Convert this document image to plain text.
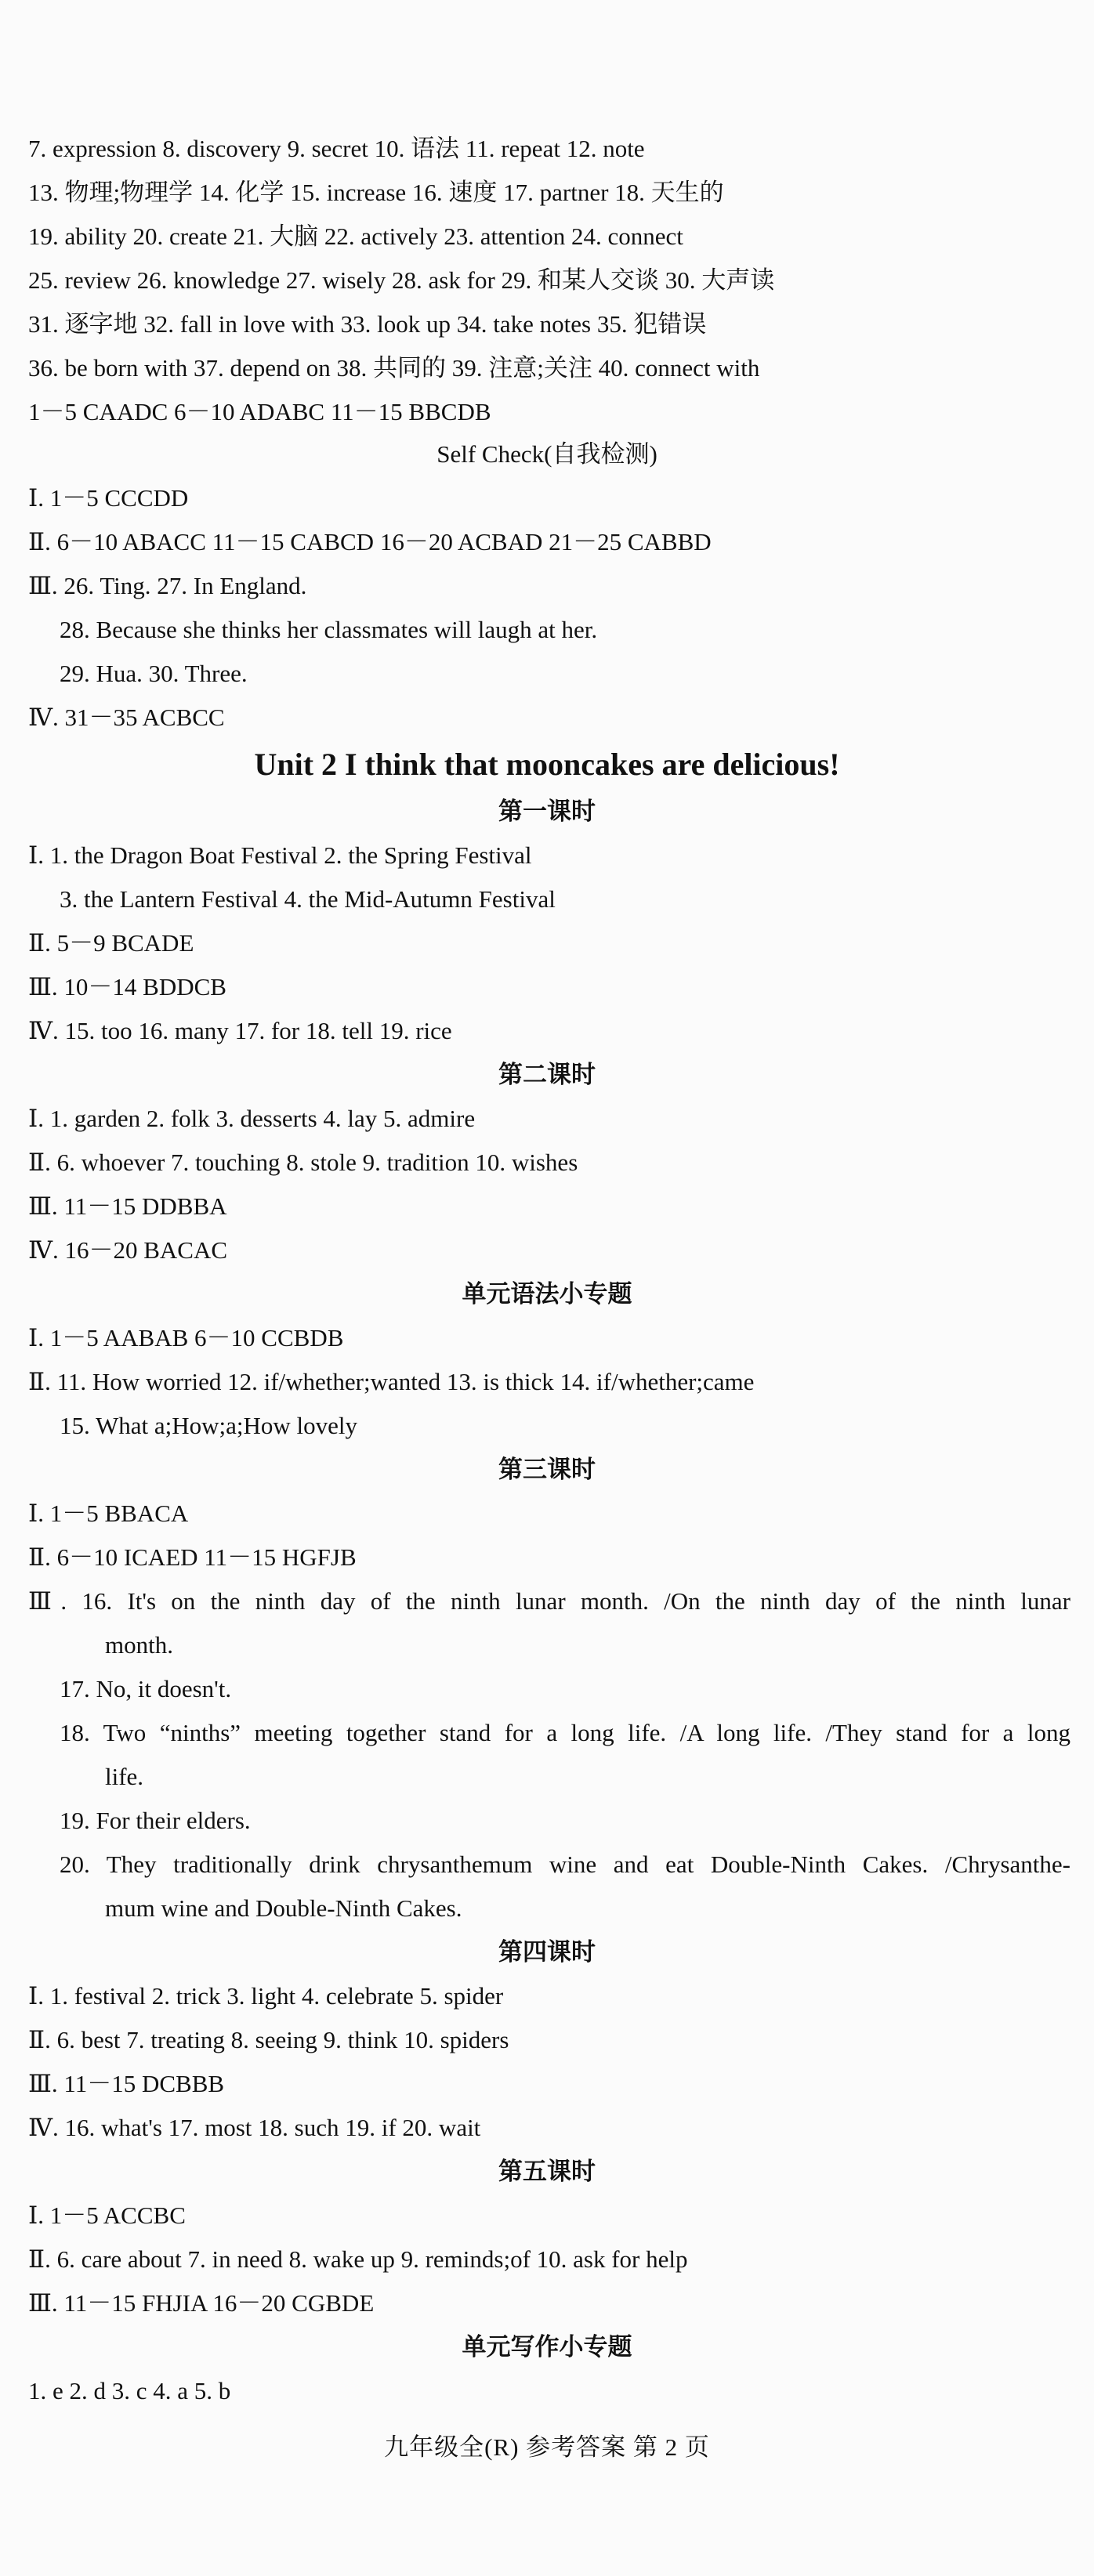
7. expression 8. discovery 9. secret 10. 语法 11. repeat 12. note
13. 物理;物理学 14. 化学 15. increase 16. 速度 17. partner 18. 天生的
19. ability 20. create 21. 大脑 22. actively 23. attention 24. connect
25. review 26. knowledge 27. wisely 28. ask for 29. 和某人交谈 30. 大声读
31. 逐字地 32. fall in love with 33. look up 34. take notes 35. 犯错误
36. be born with 37. depend on 38. 共同的 39. 注意;关注 40. connect with
1－5 CAADC 6－10 ADABC 11－15 BBCDB
Self Check(自我检测)
Ⅰ. 1－5 CCCDD
Ⅱ. 6－10 ABACC 11－15 CABCD 16－20 ACBAD 21－25 CABBD
Ⅲ. 26. Ting. 27. In England.
28. Because she thinks her classmates will laugh at her.
29. Hua. 30. Three.
Ⅳ. 31－35 ACBCC
Unit 2 I think that mooncakes are delicious!
第一课时
Ⅰ. 1. the Dragon Boat Festival 2. the Spring Festival
3. the Lantern Festival 4. the Mid-Autumn Festival
Ⅱ. 5－9 BCADE
Ⅲ. 10－14 BDDCB
Ⅳ. 15. too 16. many 17. for 18. tell 19. rice
第二课时
Ⅰ. 1. garden 2. folk 3. desserts 4. lay 5. admire
Ⅱ. 6. whoever 7. touching 8. stole 9. tradition 10. wishes
Ⅲ. 11－15 DDBBA
Ⅳ. 16－20 BACAC
单元语法小专题
Ⅰ. 1－5 AABAB 6－10 CCBDB
Ⅱ. 11. How worried 12. if/whether;wanted 13. is thick 14. if/whether;came
15. What a;How;a;How lovely
第三课时
Ⅰ. 1－5 BBACA
Ⅱ. 6－10 ICAED 11－15 HGFJB
Ⅲ. 16. It's on the ninth day of the ninth lunar month. /On the ninth day of the ninth lunar
month.
17. No, it doesn't.
18. Two “ninths” meeting together stand for a long life. /A long life. /They stand for a long
life.
19. For their elders.
20. They traditionally drink chrysanthemum wine and eat Double-Ninth Cakes. /Chrysanthe-
mum wine and Double-Ninth Cakes.
第四课时
Ⅰ. 1. festival 2. trick 3. light 4. celebrate 5. spider
Ⅱ. 6. best 7. treating 8. seeing 9. think 10. spiders
Ⅲ. 11－15 DCBBB
Ⅳ. 16. what's 17. most 18. such 19. if 20. wait
第五课时
Ⅰ. 1－5 ACCBC
Ⅱ. 6. care about 7. in need 8. wake up 9. reminds;of 10. ask for help
Ⅲ. 11－15 FHJIA 16－20 CGBDE
单元写作小专题
1. e 2. d 3. c 4. a 5. b
九年级全(R) 参考答案 第 2 页
